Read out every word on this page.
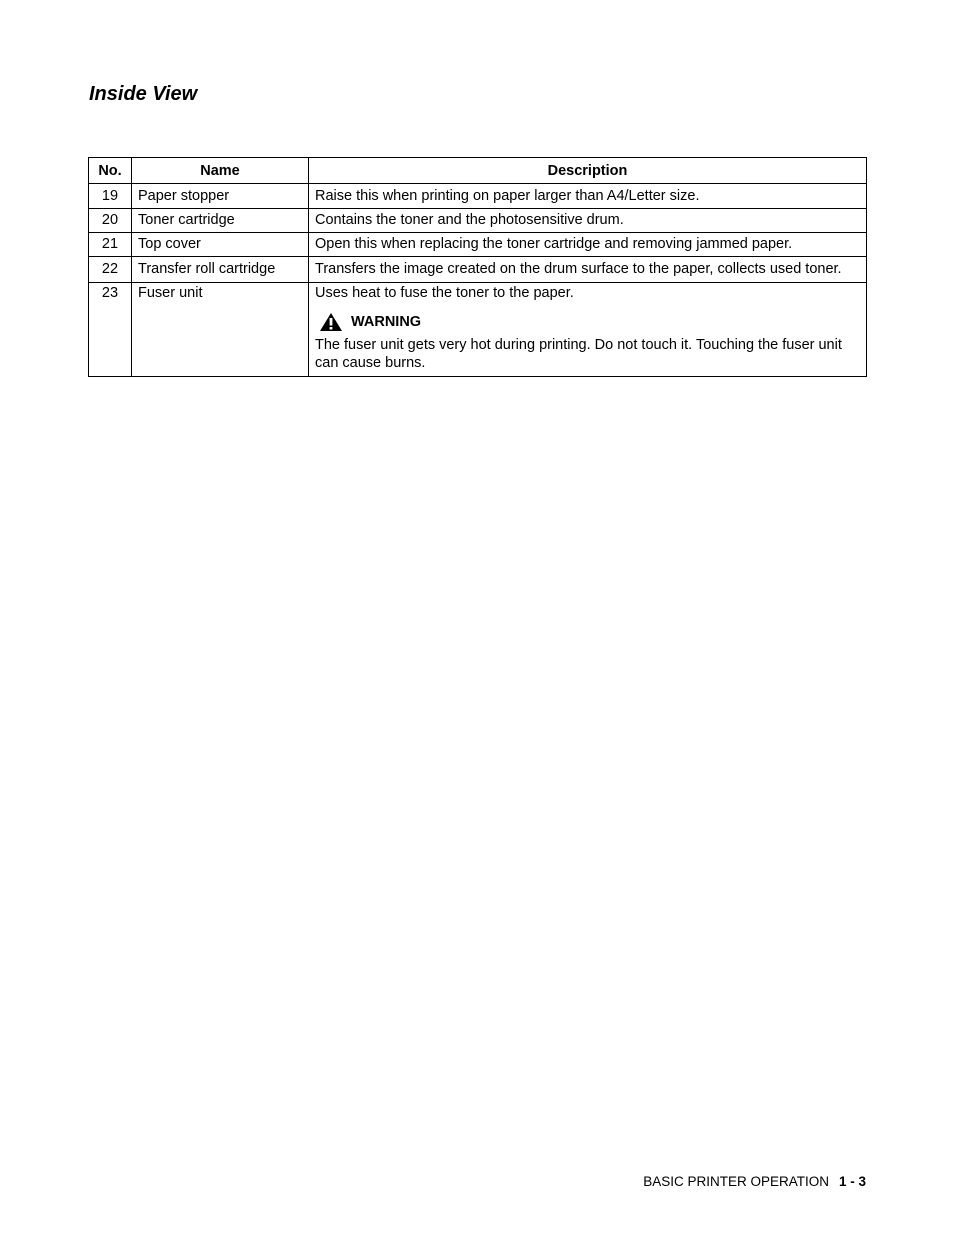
Inside View
No.	Name	Description
19	Paper stopper	Raise this when printing on paper larger than A4/Letter size.
20	Toner cartridge	Contains the toner and the photosensitive drum.
21	Top cover	Open this when replacing the toner cartridge and removing jammed paper.
22	Transfer roll cartridge	Transfers the image created on the drum surface to the paper, collects used toner.
23	Fuser unit	Uses heat to fuse the toner to the paper.
WARNING
The fuser unit gets very hot during printing. Do not touch it. Touching the fuser unit can cause burns.
BASIC PRINTER OPERATION 1 - 3
